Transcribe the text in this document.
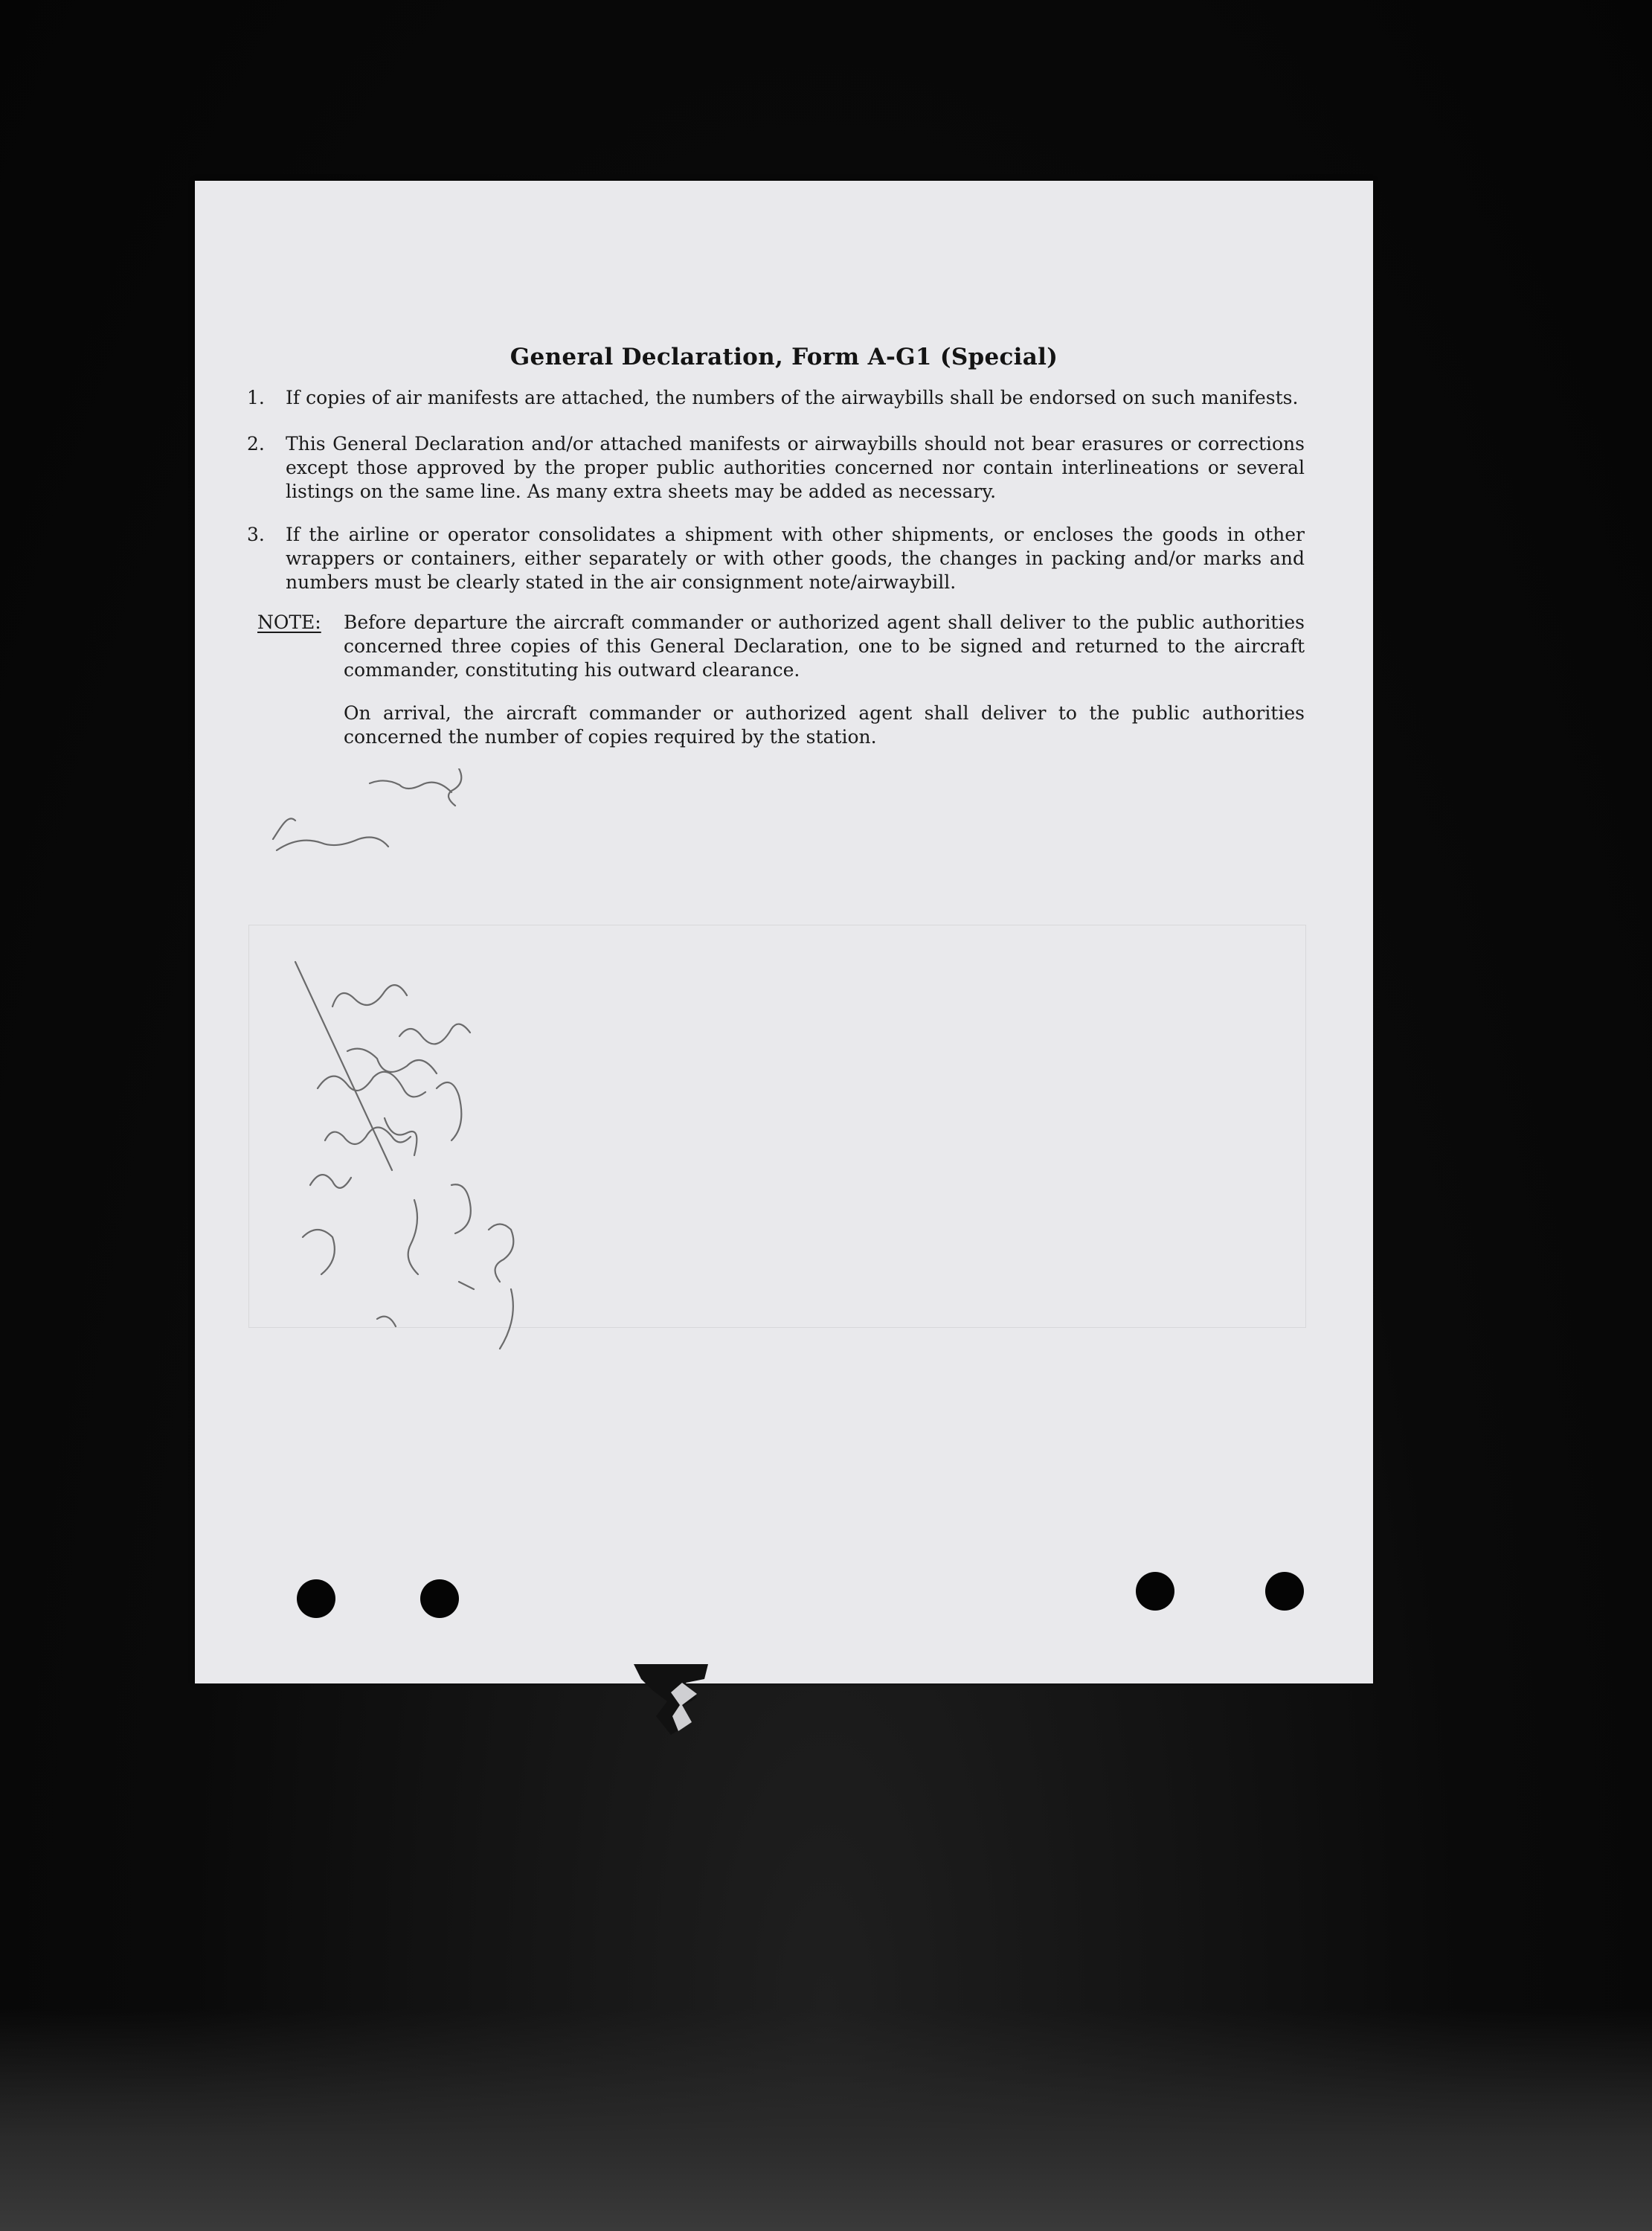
General Declaration, Form A-G1 (Special)
1. If copies of air manifests are attached, the numbers of the airwaybills shall be endorsed on such manifests.
2. This General Declaration and/or attached manifests or airwaybills should not bear erasures or corrections except those approved by the proper public authorities concerned nor contain interlineations or several listings on the same line. As many extra sheets may be added as necessary.
3. If the airline or operator consolidates a shipment with other shipments, or encloses the goods in other wrappers or containers, either separately or with other goods, the changes in packing and/or marks and numbers must be clearly stated in the air consignment note/airwaybill.
NOTE: Before departure the aircraft commander or authorized agent shall deliver to the public authorities concerned three copies of this General Declaration, one to be signed and returned to the aircraft commander, constituting his outward clearance.
On arrival, the aircraft commander or authorized agent shall deliver to the public authorities concerned the number of copies required by the station.
